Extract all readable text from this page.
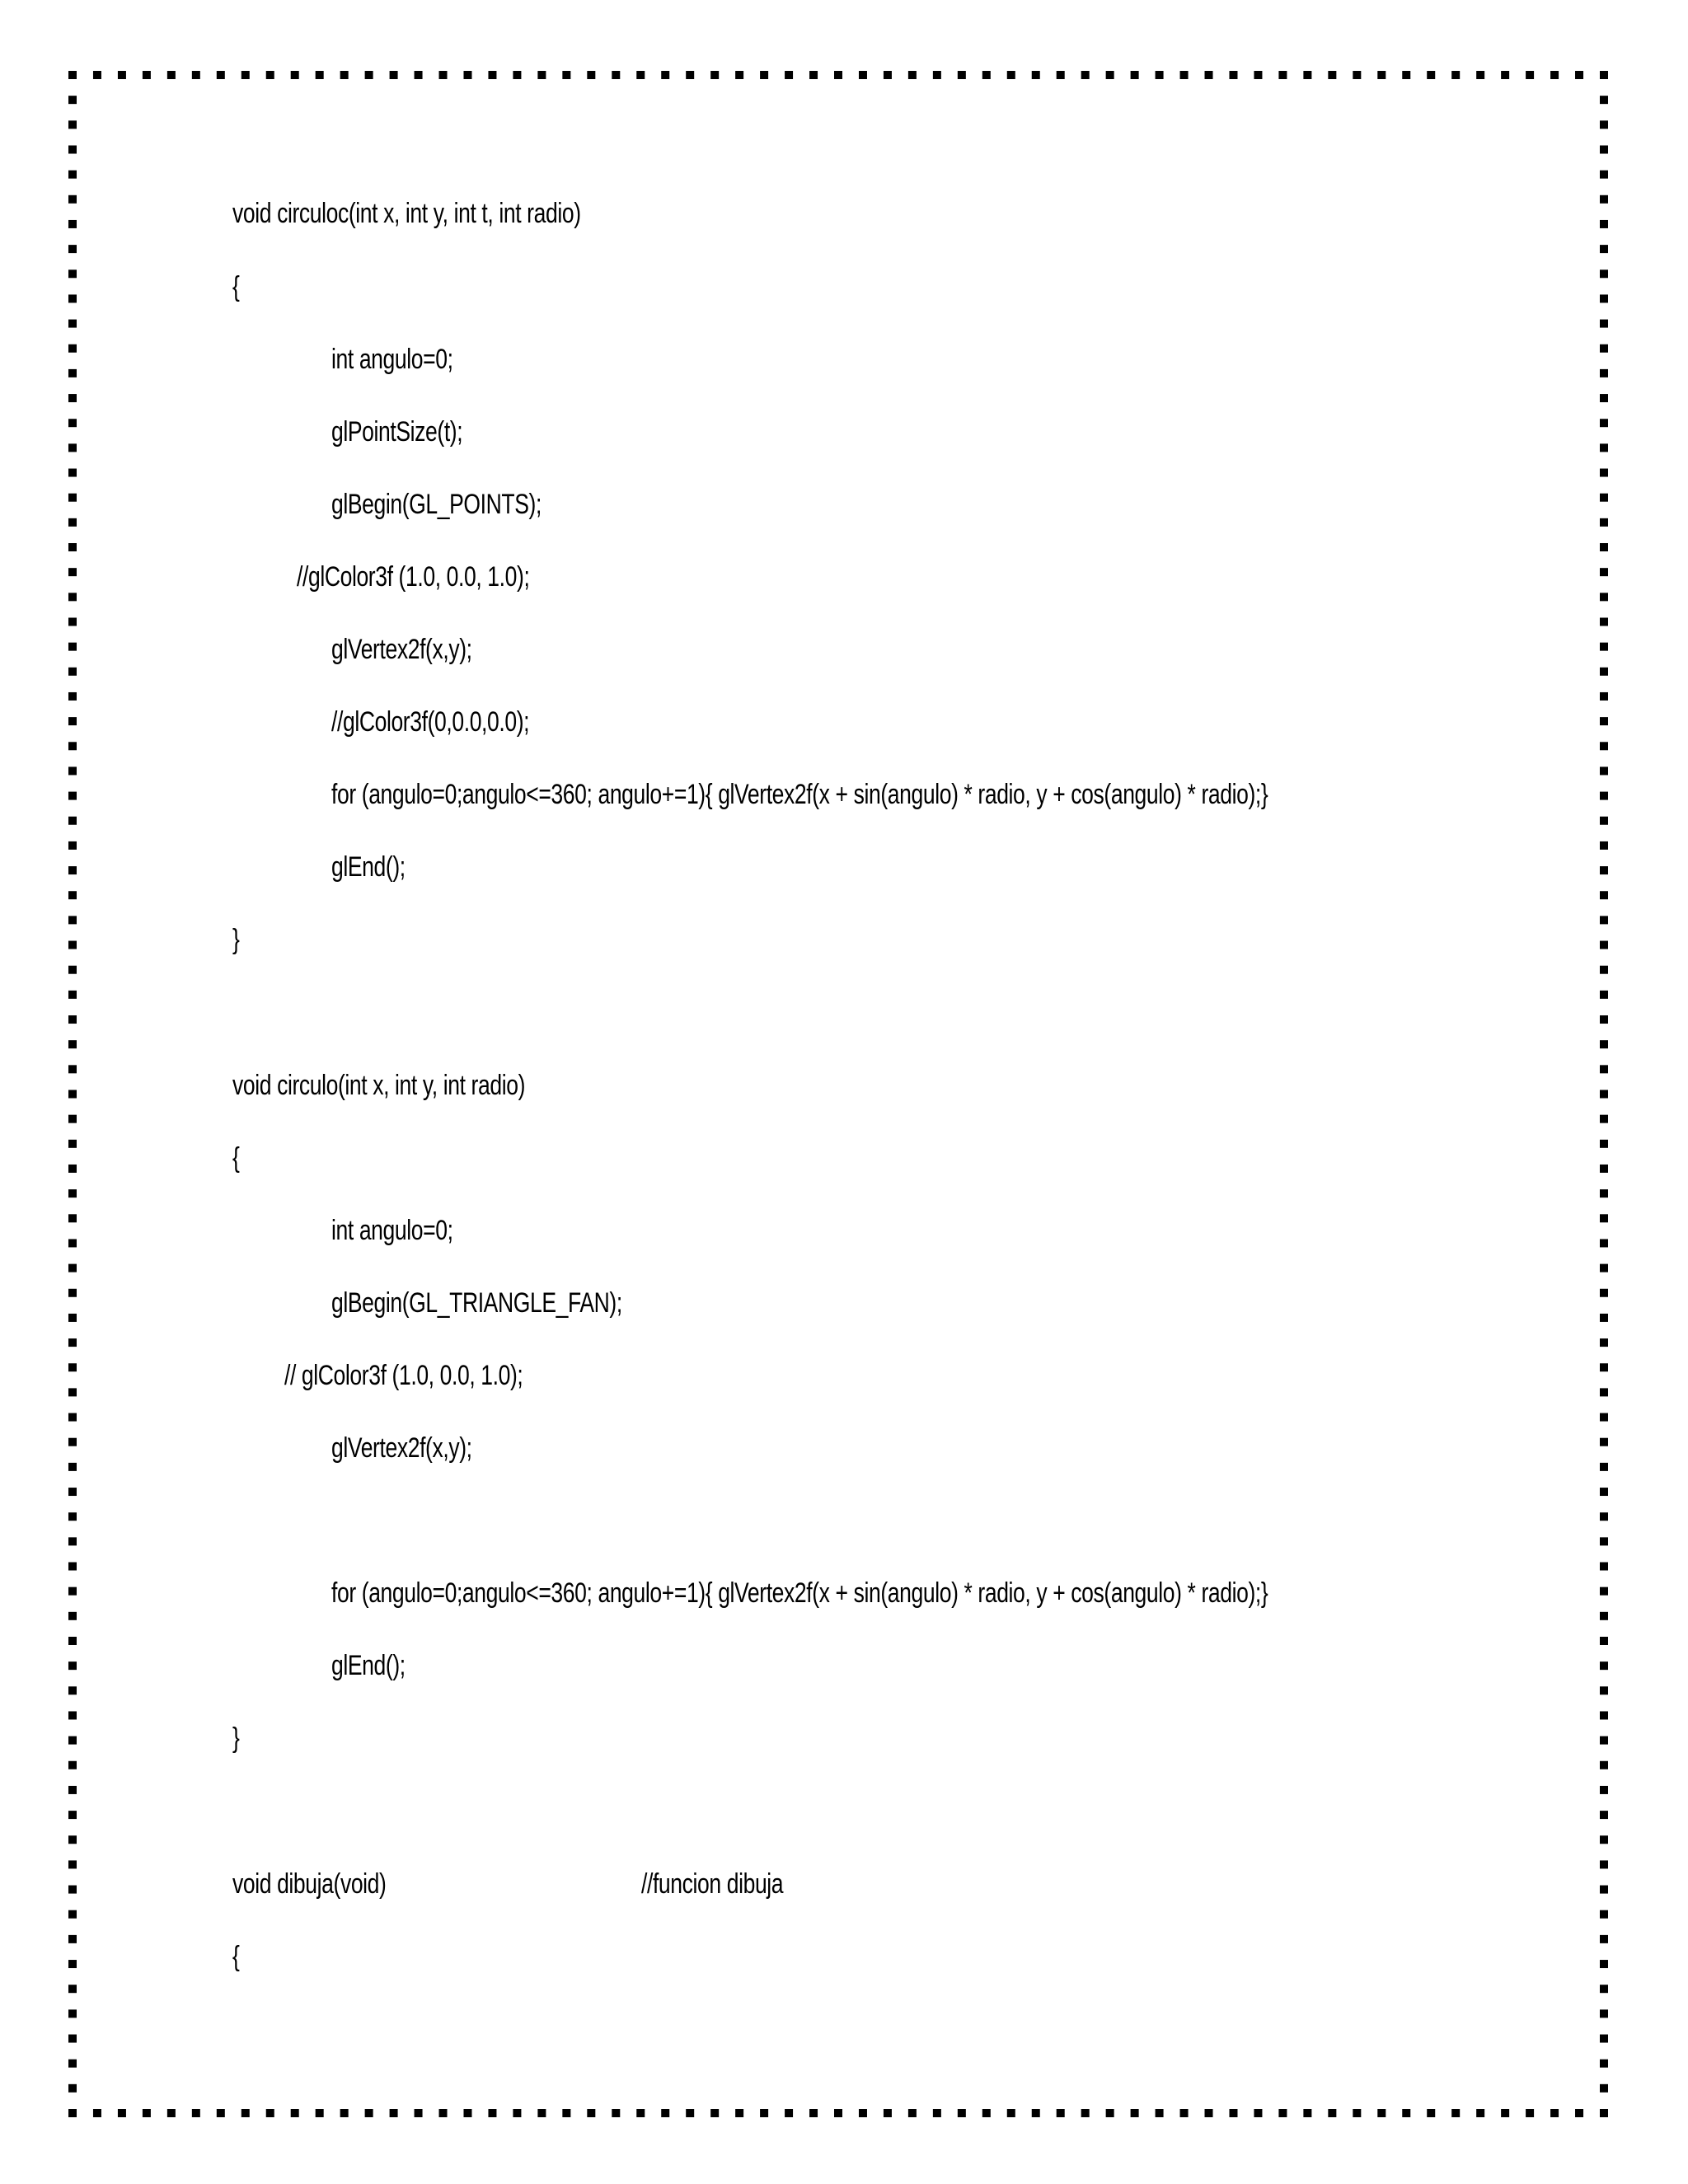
void circuloc(int x, int y, int t, int radio)
{
int angulo=0;
glPointSize(t);
glBegin(GL_POINTS);
//glColor3f (1.0, 0.0, 1.0);
glVertex2f(x,y);
//glColor3f(0,0.0,0.0);
for (angulo=0;angulo<=360; angulo+=1){ glVertex2f(x + sin(angulo) * radio, y + cos(angulo) * radio);}
glEnd();
}
void circulo(int x, int y, int radio)
{
int angulo=0;
glBegin(GL_TRIANGLE_FAN);
// glColor3f (1.0, 0.0, 1.0);
glVertex2f(x,y);
for (angulo=0;angulo<=360; angulo+=1){ glVertex2f(x + sin(angulo) * radio, y + cos(angulo) * radio);}
glEnd();
}
void dibuja(void)	//funcion dibuja
{
